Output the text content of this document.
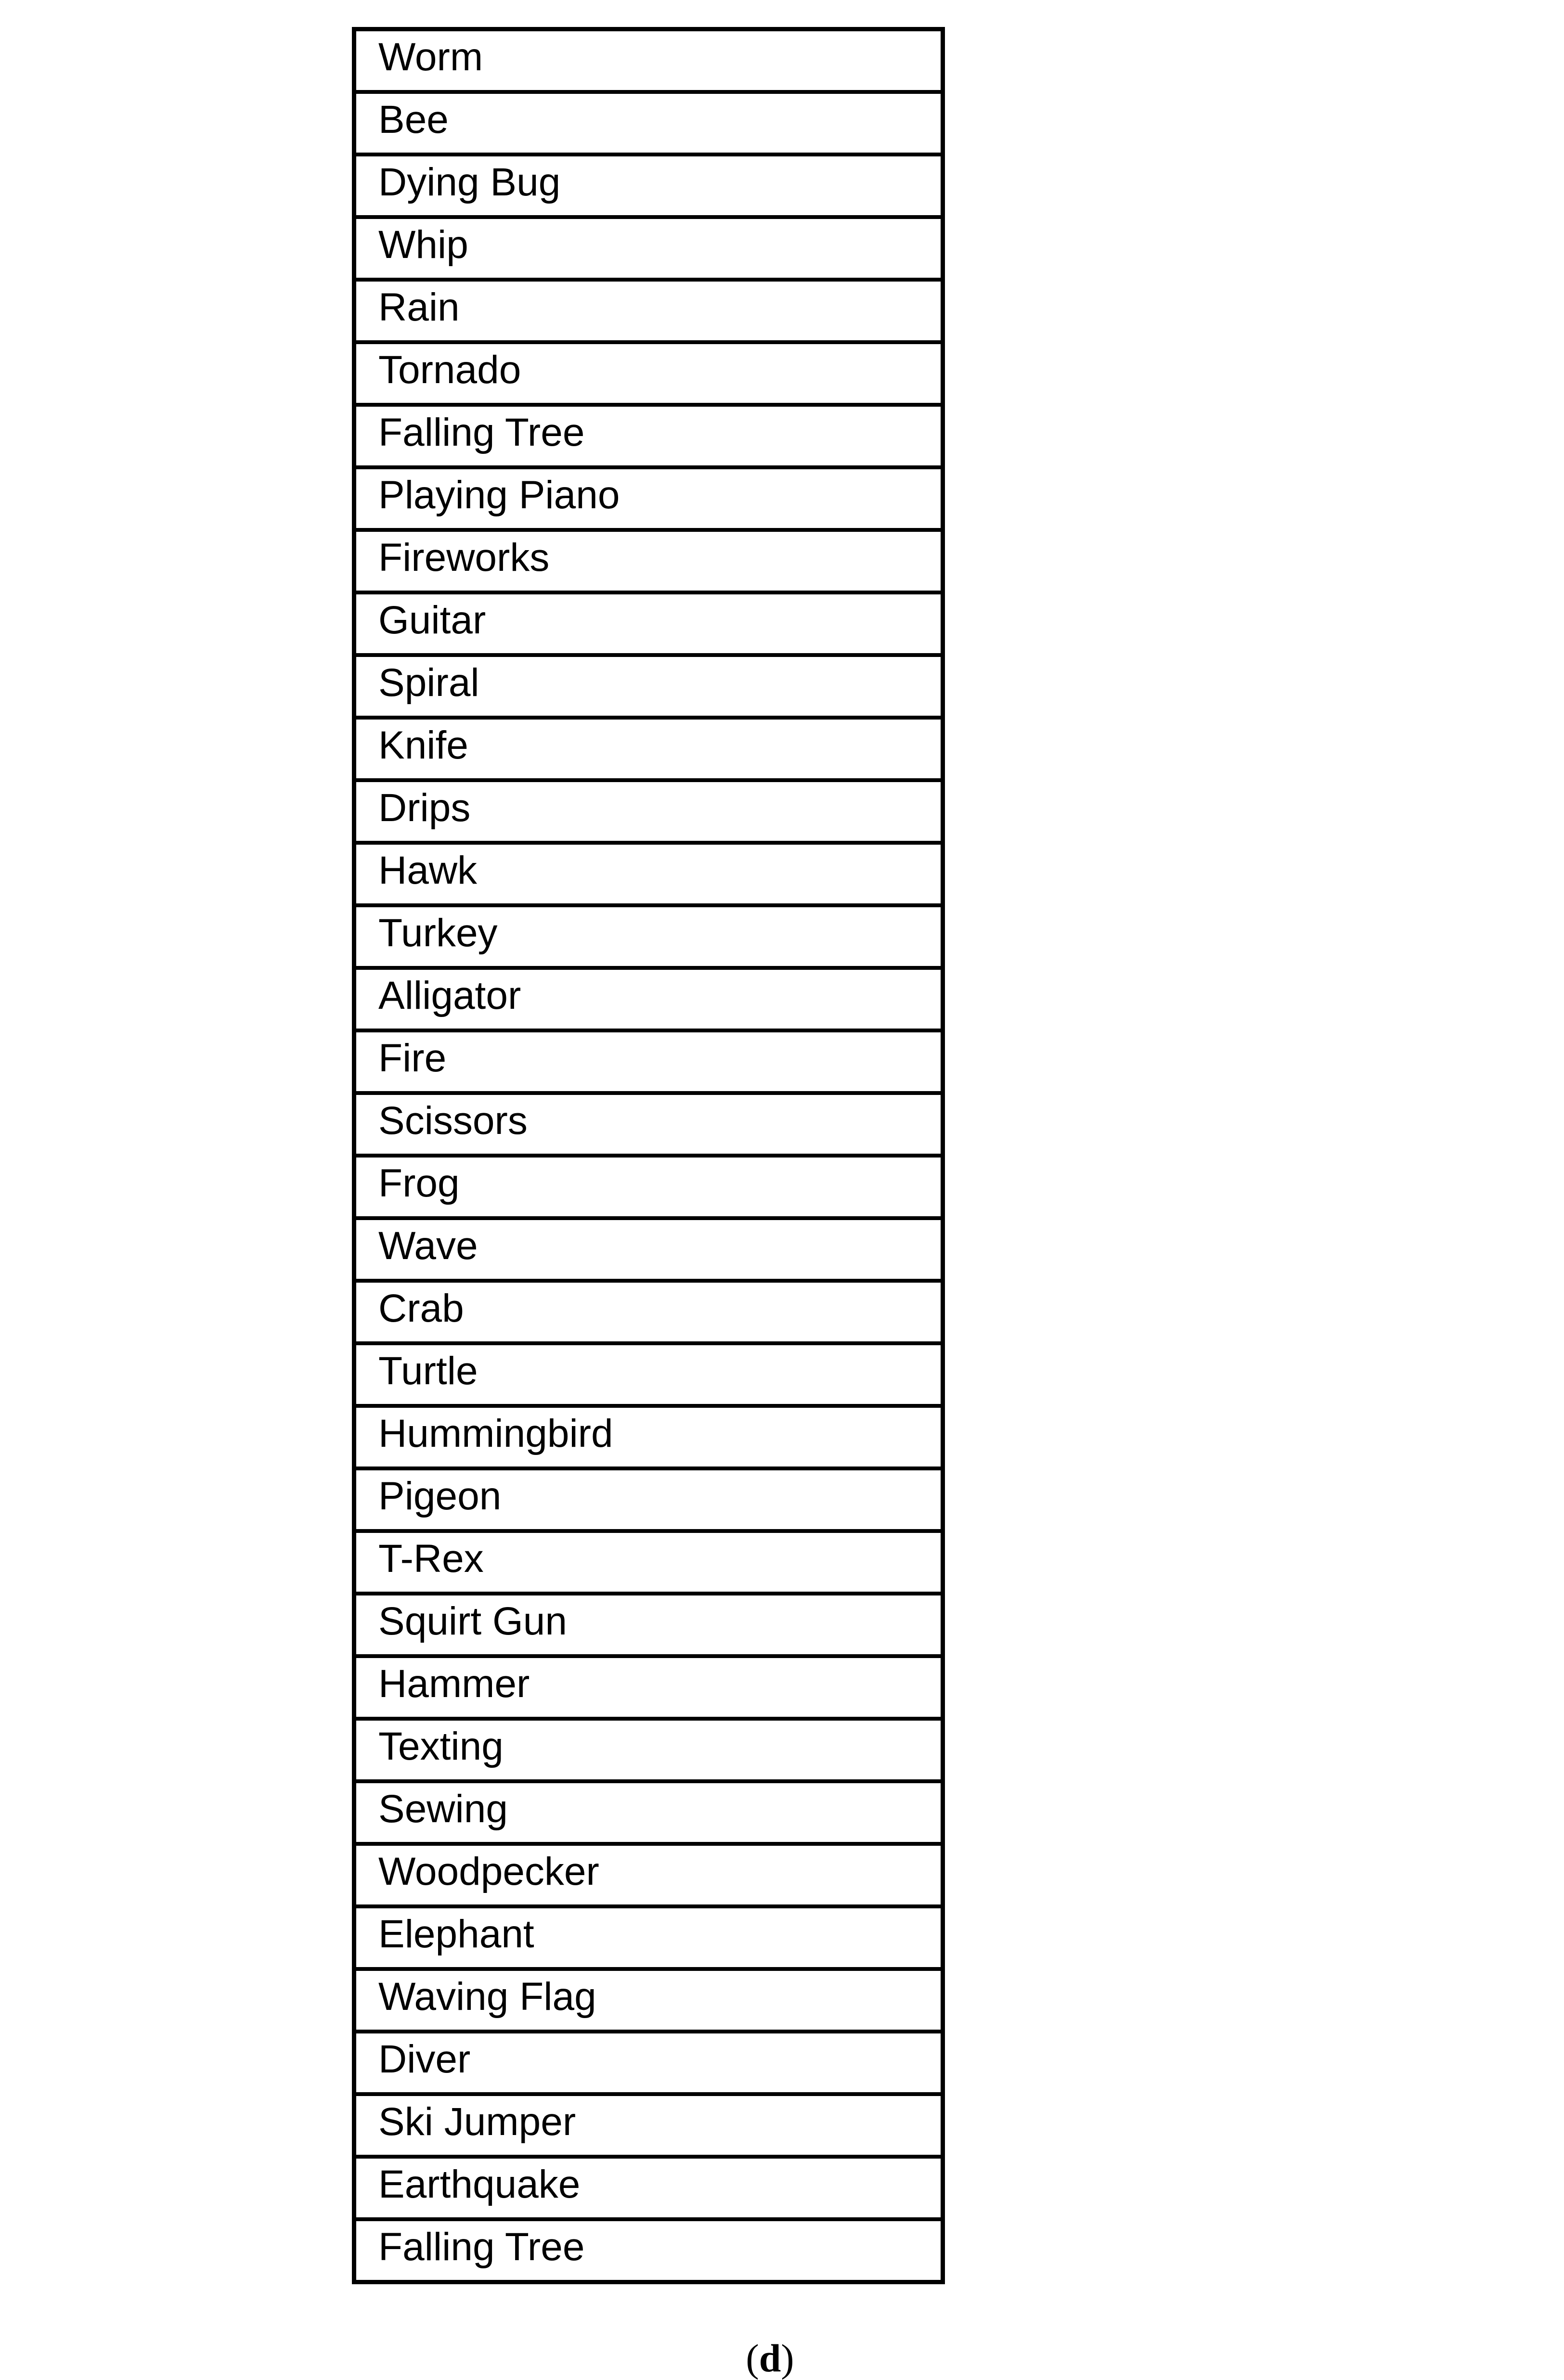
Worm
Bee
Dying Bug
Whip
Rain
Tornado
Falling Tree
Playing Piano
Fireworks
Guitar
Spiral
Knife
Drips
Hawk
Turkey
Alligator
Fire
Scissors
Frog
Wave
Crab
Turtle
Hummingbird
Pigeon
T-Rex
Squirt Gun
Hammer
Texting
Sewing
Woodpecker
Elephant
Waving Flag
Diver
Ski Jumper
Earthquake
Falling Tree
(d)
